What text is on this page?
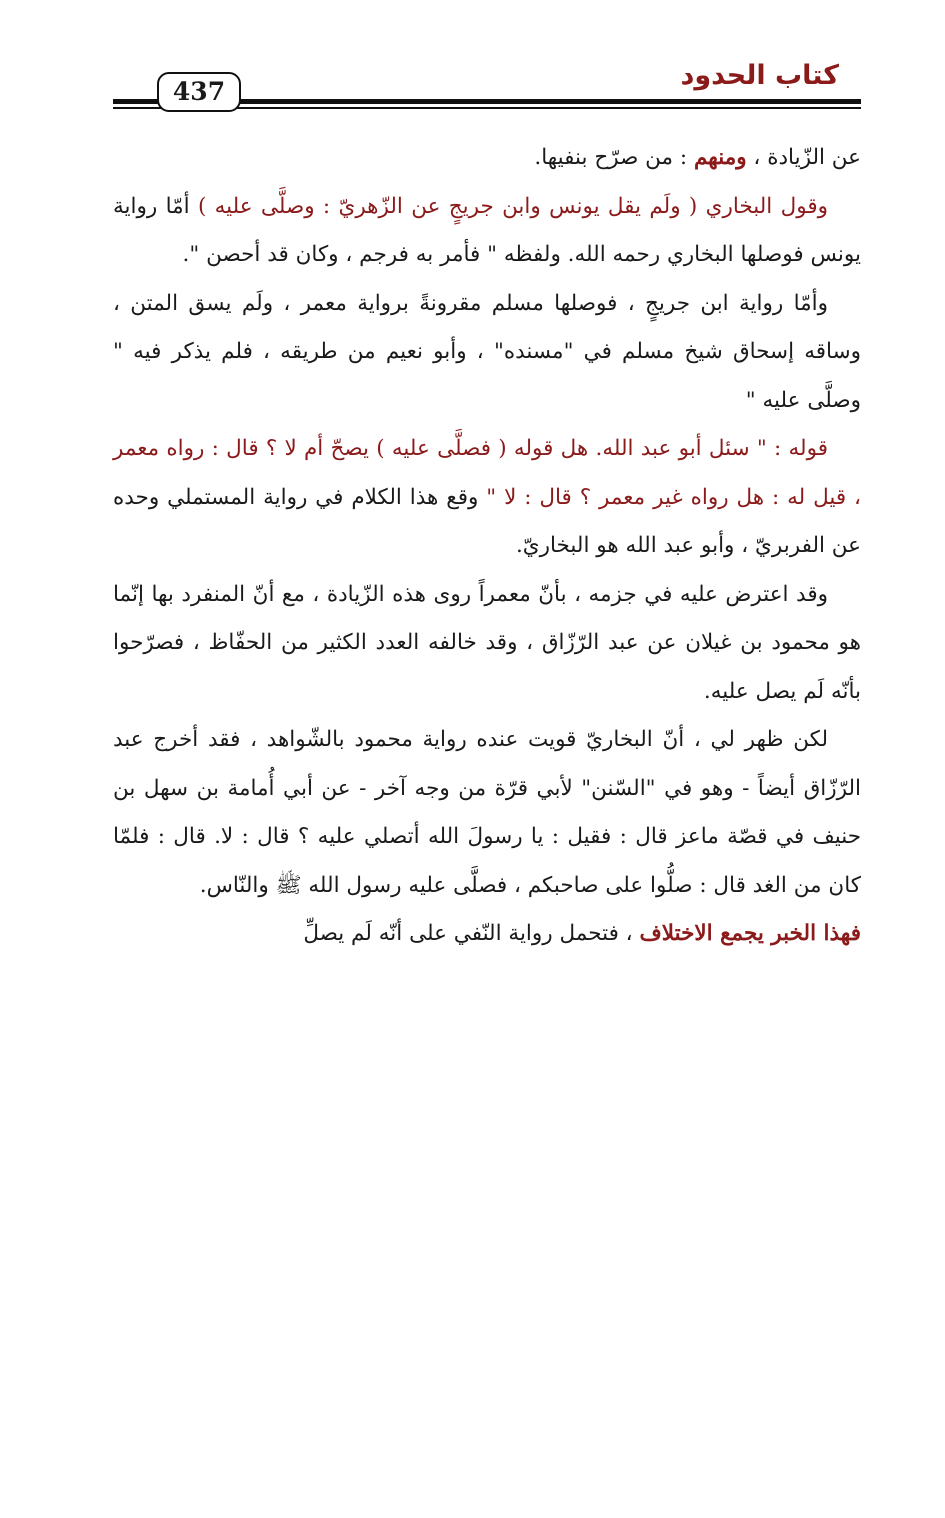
437
كتاب الحدود

عن الزّيادة ، ومنهم : من صرّح بنفيها.

وقول البخاري ( ولَم يقل يونس وابن جريجٍ عن الزّهريّ : وصلَّى عليه ) أمّا رواية يونس فوصلها البخاري رحمه الله. ولفظه " فأمر به فرجم ، وكان قد أحصن ".

وأمّا رواية ابن جريجٍ ، فوصلها مسلم مقرونةً برواية معمر ، ولَم يسق المتن ، وساقه إسحاق شيخ مسلم في "مسنده" ، وأبو نعيم من طريقه ، فلم يذكر فيه " وصلَّى عليه "

قوله : " سئل أبو عبد الله. هل قوله ( فصلَّى عليه ) يصحّ أم لا ؟ قال : رواه معمر ، قيل له : هل رواه غير معمر ؟ قال : لا " وقع هذا الكلام في رواية المستملي وحده عن الفربريّ ، وأبو عبد الله هو البخاريّ.

وقد اعترض عليه في جزمه ، بأنّ معمراً روى هذه الزّيادة ، مع أنّ المنفرد بها إنّما هو محمود بن غيلان عن عبد الرّزّاق ، وقد خالفه العدد الكثير من الحفّاظ ، فصرّحوا بأنّه لَم يصل عليه.

لكن ظهر لي ، أنّ البخاريّ قويت عنده رواية محمود بالشّواهد ، فقد أخرج عبد الرّزّاق أيضاً - وهو في "السّنن" لأبي قرّة من وجه آخر - عن أبي أُمامة بن سهل بن حنيف في قصّة ماعز قال : فقيل : يا رسولَ الله أتصلي عليه ؟ قال : لا. قال : فلمّا كان من الغد قال : صلُّوا على صاحبكم ، فصلَّى عليه رسول الله ﷺ والنّاس.

فهذا الخبر يجمع الاختلاف ، فتحمل رواية النّفي على أنّه لَم يصلِّ
